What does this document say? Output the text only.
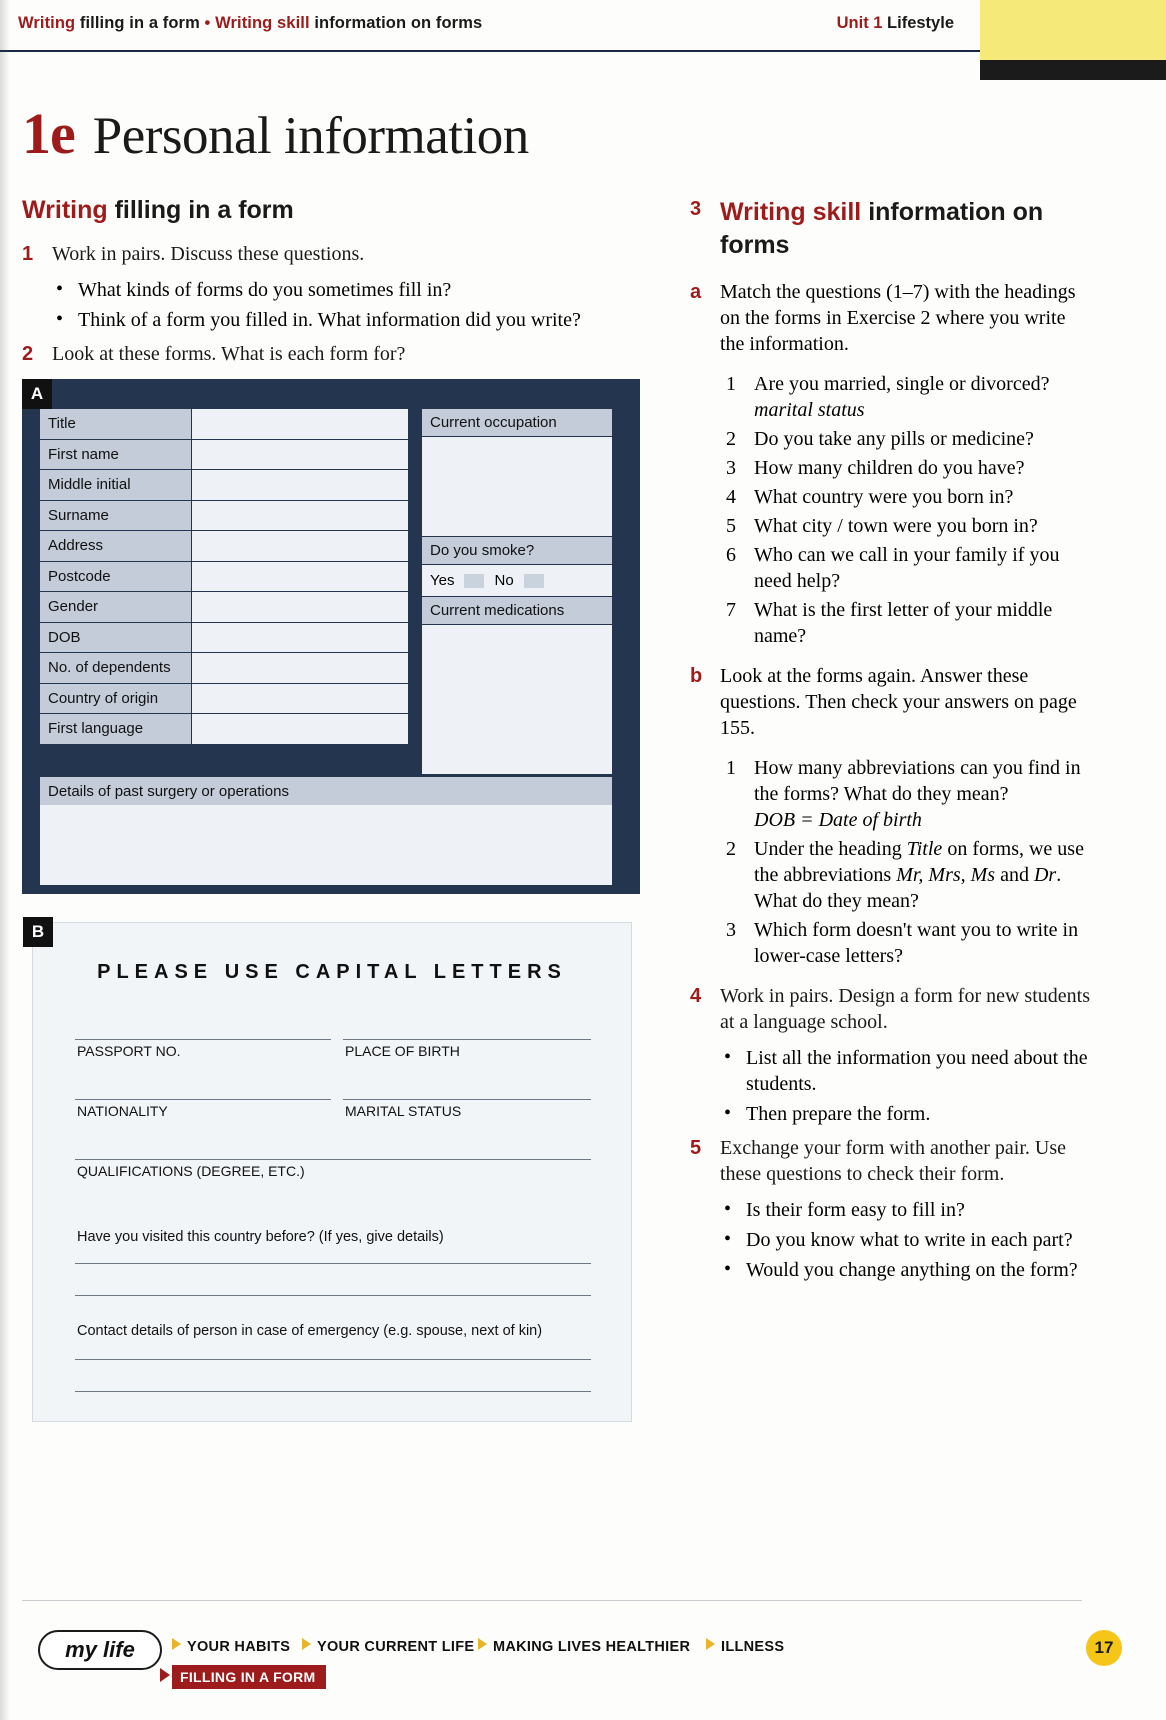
Writing filling in a form • Writing skill information on forms	Unit 1 Lifestyle
1e Personal information
Writing filling in a form
1 Work in pairs. Discuss these questions.
• What kinds of forms do you sometimes fill in?
• Think of a form you filled in. What information did you write?
2 Look at these forms. What is each form for?
A
Title
First name
Middle initial
Surname
Address
Postcode
Gender
DOB
No. of dependents
Country of origin
First language
Current occupation
Do you smoke?
Yes	No
Current medications
Details of past surgery or operations
B
PLEASE USE CAPITAL LETTERS
PASSPORT NO.	PLACE OF BIRTH
NATIONALITY	MARITAL STATUS
QUALIFICATIONS (DEGREE, ETC.)
Have you visited this country before? (If yes, give details)
Contact details of person in case of emergency (e.g. spouse, next of kin)
3 Writing skill information on forms
a Match the questions (1–7) with the headings on the forms in Exercise 2 where you write the information.
Are you married, single or divorced? marital status
Do you take any pills or medicine?
How many children do you have?
What country were you born in?
What city / town were you born in?
Who can we call in your family if you need help?
What is the first letter of your middle name?
b Look at the forms again. Answer these questions. Then check your answers on page 155.
How many abbreviations can you find in the forms? What do they mean?
DOB = Date of birth
Under the heading Title on forms, we use the abbreviations Mr, Mrs, Ms and Dr. What do they mean?
Which form doesn't want you to write in lower-case letters?
4 Work in pairs. Design a form for new students at a language school.
• List all the information you need about the students.
• Then prepare the form.
5 Exchange your form with another pair. Use these questions to check their form.
• Is their form easy to fill in?
• Do you know what to write in each part?
• Would you change anything on the form?
my life	YOUR HABITS	YOUR CURRENT LIFE	MAKING LIVES HEALTHIER	ILLNESS
FILLING IN A FORM
17
